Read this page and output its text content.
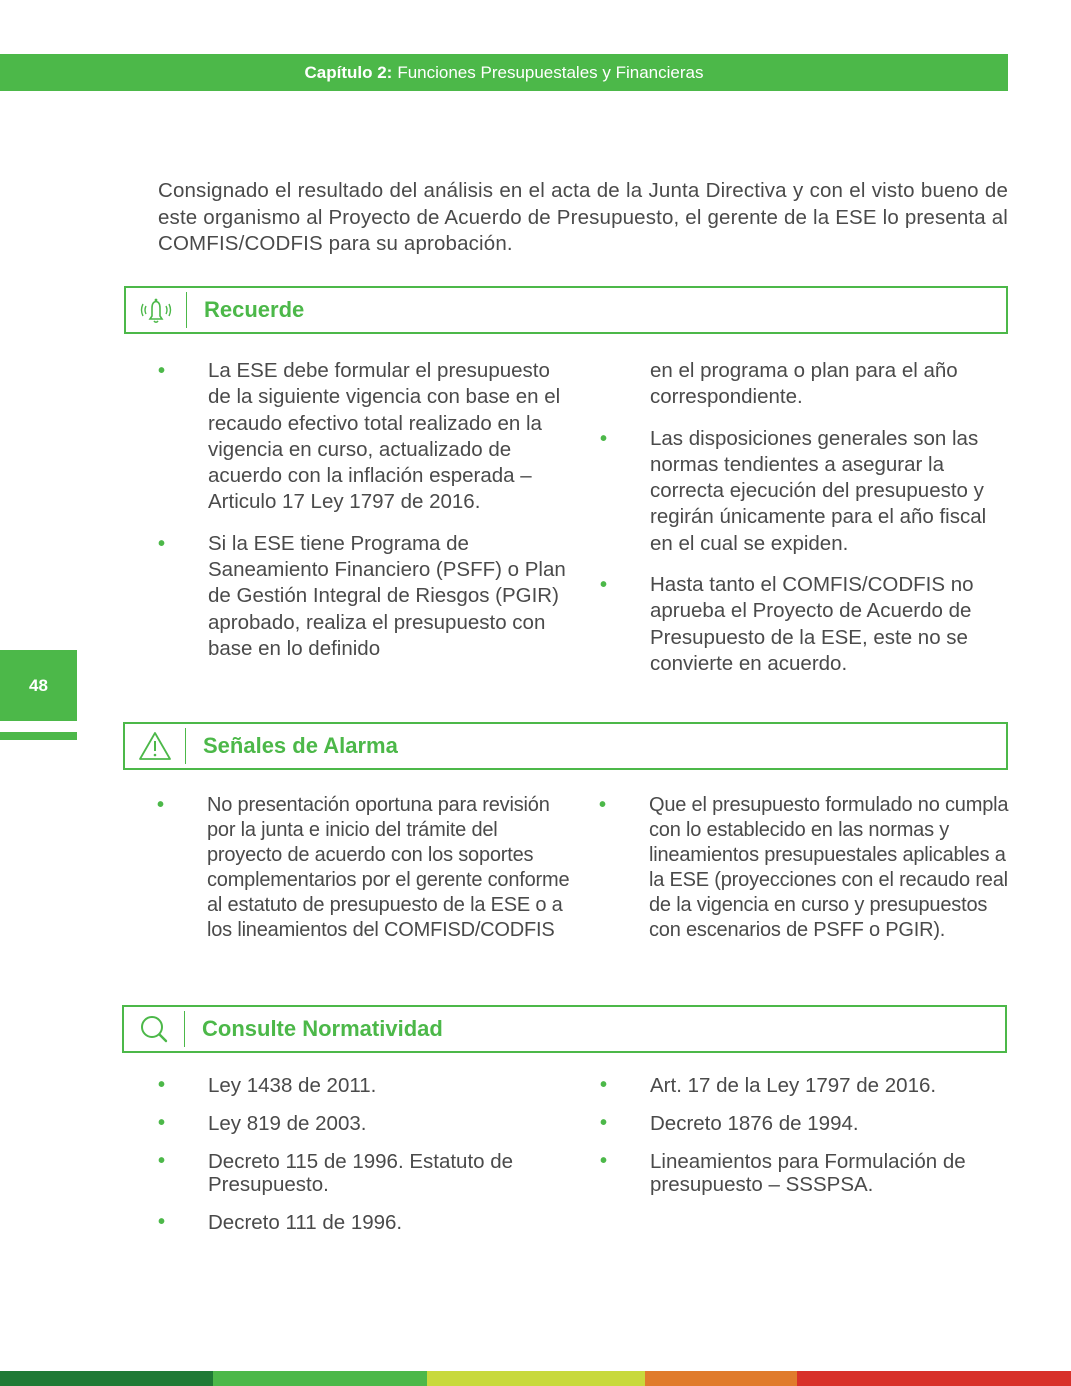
Capítulo 2: Funciones Presupuestales y Financieras

Consignado el resultado del análisis en el acta de la Junta Directiva y con el visto bueno de este organismo al Proyecto de Acuerdo de Presupuesto, el gerente de la ESE lo presenta al COMFIS/CODFIS para su aprobación.

Recuerde
• La ESE debe formular el presupuesto de la siguiente vigencia con base en el recaudo efectivo total realizado en la vigencia en curso, actualizado de acuerdo con la inflación esperada – Articulo 17 Ley 1797 de 2016.
• Si la ESE tiene Programa de Saneamiento Financiero (PSFF) o Plan de Gestión Integral de Riesgos (PGIR) aprobado, realiza el presupuesto con base en lo definido
en el programa o plan para el año correspondiente.
• Las disposiciones generales son las normas tendientes a asegurar la correcta ejecución del presupuesto y regirán únicamente para el año fiscal en el cual se expiden.
• Hasta tanto el COMFIS/CODFIS no aprueba el Proyecto de Acuerdo de Presupuesto de la ESE, este no se convierte en acuerdo.
48
Señales de Alarma
• No presentación oportuna para revisión por la junta e inicio del trámite del proyecto de acuerdo con los soportes complementarios por el gerente conforme al estatuto de presupuesto de la ESE o a los lineamientos del COMFISD/CODFIS
• Que el presupuesto formulado no cumpla con lo establecido en las normas y lineamientos presupuestales aplicables a la ESE (proyecciones con el recaudo real de la vigencia en curso y presupuestos con escenarios de PSFF o PGIR).
Consulte Normatividad
• Ley 1438 de 2011.
• Ley 819 de 2003.
• Decreto 115 de 1996. Estatuto de Presupuesto.
• Decreto 111 de 1996.
• Art. 17 de la Ley 1797 de 2016.
• Decreto 1876 de 1994.
• Lineamientos para Formulación de presupuesto – SSSPSA.
